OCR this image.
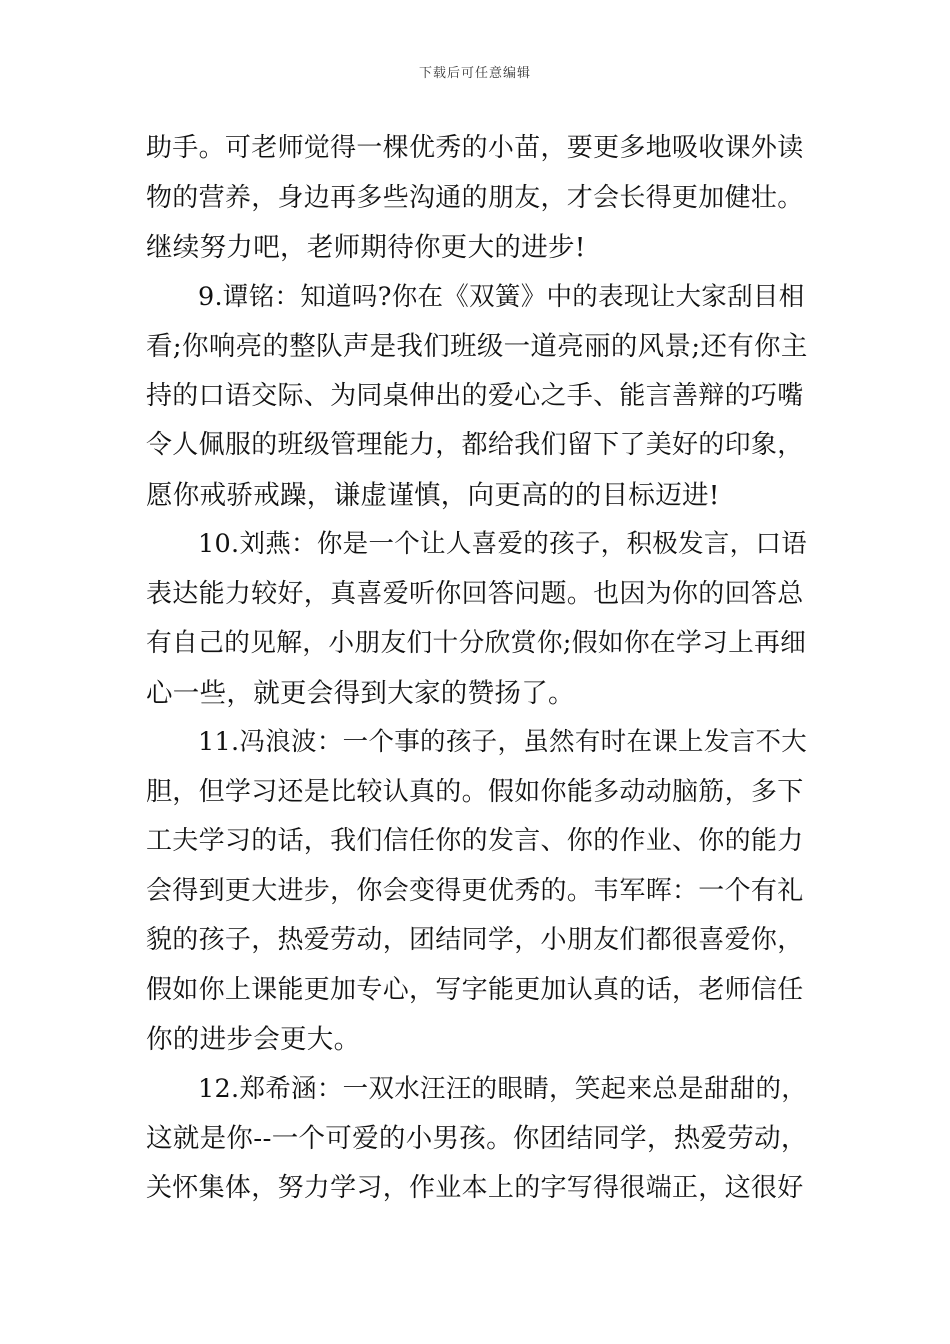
下载后可任意编辑
助手。可老师觉得一棵优秀的小苗，要更多地吸收课外读
物的营养，身边再多些沟通的朋友，才会长得更加健壮。
继续努力吧，老师期待你更大的进步!
9.谭铭：知道吗?你在《双簧》中的表现让大家刮目相
看;你响亮的整队声是我们班级一道亮丽的风景;还有你主
持的口语交际、为同桌伸出的爱心之手、能言善辩的巧嘴
令人佩服的班级管理能力，都给我们留下了美好的印象，
愿你戒骄戒躁，谦虚谨慎，向更高的的目标迈进!
10.刘燕：你是一个让人喜爱的孩子，积极发言，口语
表达能力较好，真喜爱听你回答问题。也因为你的回答总
有自己的见解，小朋友们十分欣赏你;假如你在学习上再细
心一些，就更会得到大家的赞扬了。
11.冯浪波：一个事的孩子，虽然有时在课上发言不大
胆，但学习还是比较认真的。假如你能多动动脑筋，多下
工夫学习的话，我们信任你的发言、你的作业、你的能力
会得到更大进步，你会变得更优秀的。韦军晖：一个有礼
貌的孩子，热爱劳动，团结同学，小朋友们都很喜爱你，
假如你上课能更加专心，写字能更加认真的话，老师信任
你的进步会更大。
12.郑希涵：一双水汪汪的眼睛，笑起来总是甜甜的，
这就是你--一个可爱的小男孩。你团结同学，热爱劳动，
关怀集体，努力学习，作业本上的字写得很端正，这很好
